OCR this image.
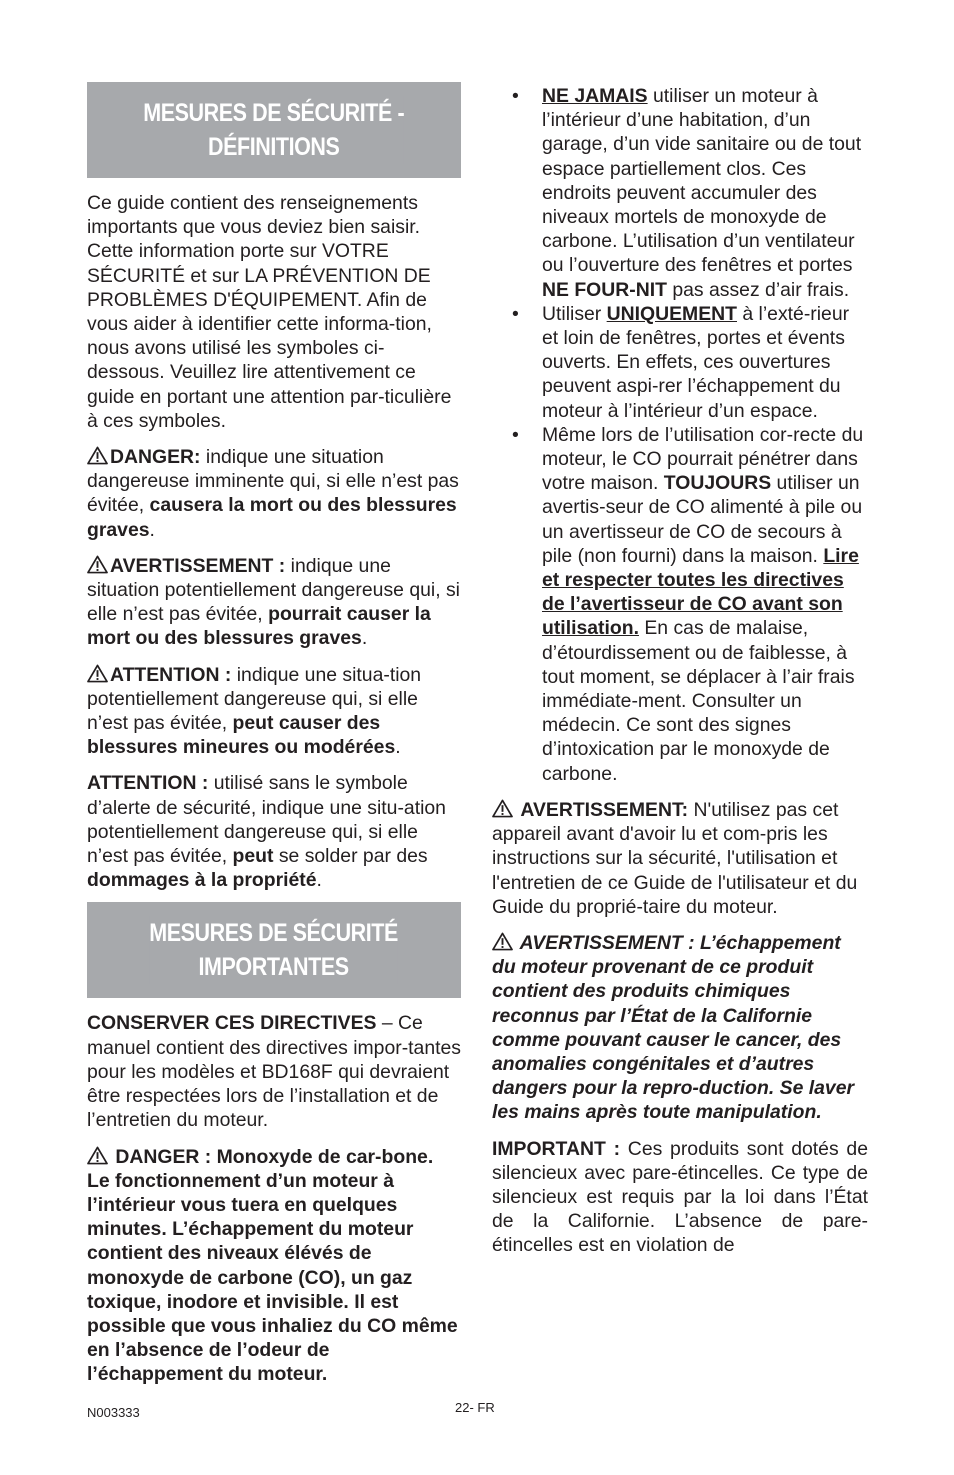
MESURES DE SÉCURITÉ -
DÉFINITIONS

Ce guide contient des renseignements importants que vous deviez bien saisir. Cette information porte sur VOTRE SÉCURITÉ et sur LA PRÉVENTION DE PROBLÈMES D'ÉQUIPEMENT. Afin de vous aider à identifier cette informa-tion, nous avons utilisé les symboles ci-dessous. Veuillez lire attentivement ce guide en portant une attention par-ticulière à ces symboles.

DANGER: indique une situation dangereuse imminente qui, si elle n’est pas évitée, causera la mort ou des blessures graves.

AVERTISSEMENT : indique une situation potentiellement dangereuse qui, si elle n’est pas évitée, pourrait causer la mort ou des blessures graves.

ATTENTION : indique une situa-tion potentiellement dangereuse qui, si elle n’est pas évitée, peut causer des blessures mineures ou modérées.

ATTENTION : utilisé sans le symbole d’alerte de sécurité, indique une situ-ation potentiellement dangereuse qui, si elle n’est pas évitée, peut se solder par des dommages à la propriété.

MESURES DE SÉCURITÉ
IMPORTANTES

CONSERVER CES DIRECTIVES – Ce manuel contient des directives impor-tantes pour les modèles et BD168F qui devraient être respectées lors de l’installation et de l’entretien du moteur.

DANGER : Monoxyde de car-bone. Le fonctionnement d’un moteur à l’intérieur vous tuera en quelques minutes. L’échappement du moteur contient des niveaux élévés de monoxyde de carbone (CO), un gaz toxique, inodore et invisible. Il est possible que vous inhaliez du CO même en l’absence de l’odeur de l’échappement du moteur.

• NE JAMAIS utiliser un moteur à l’intérieur d’une habitation, d’un garage, d’un vide sanitaire ou de tout espace partiellement clos. Ces endroits peuvent accumuler des niveaux mortels de monoxyde de carbone. L’utilisation d’un ventilateur ou l’ouverture des fenêtres et portes NE FOUR-NIT pas assez d’air frais.
• Utiliser UNIQUEMENT à l’exté-rieur et loin de fenêtres, portes et évents ouverts. En effets, ces ouvertures peuvent aspi-rer l’échappement du moteur à l’intérieur d’un espace.
• Même lors de l’utilisation cor-recte du moteur, le CO pourrait pénétrer dans votre maison. TOUJOURS utiliser un avertis-seur de CO alimenté à pile ou un avertisseur de CO de secours à pile (non fourni) dans la maison. Lire et respecter toutes les directives de l’avertisseur de CO avant son utilisation. En cas de malaise, d’étourdissement ou de faiblesse, à tout moment, se déplacer à l’air frais immédiate-ment. Consulter un médecin. Ce sont des signes d’intoxication par le monoxyde de carbone.

AVERTISSEMENT: N'utilisez pas cet appareil avant d'avoir lu et com-pris les instructions sur la sécurité, l'utilisation et l'entretien de ce Guide de l'utilisateur et du Guide du proprié-taire du moteur.

AVERTISSEMENT : L’échappement du moteur provenant de ce produit contient des produits chimiques reconnus par l’État de la Californie comme pouvant causer le cancer, des anomalies congénitales et d’autres dangers pour la repro-duction. Se laver les mains après toute manipulation.

IMPORTANT : Ces produits sont dotés de silencieux avec pare-étincelles. Ce type de silencieux est requis par la loi dans l’État de la Californie. L’absence de pare-étincelles est en violation de

N003333	22- FR
